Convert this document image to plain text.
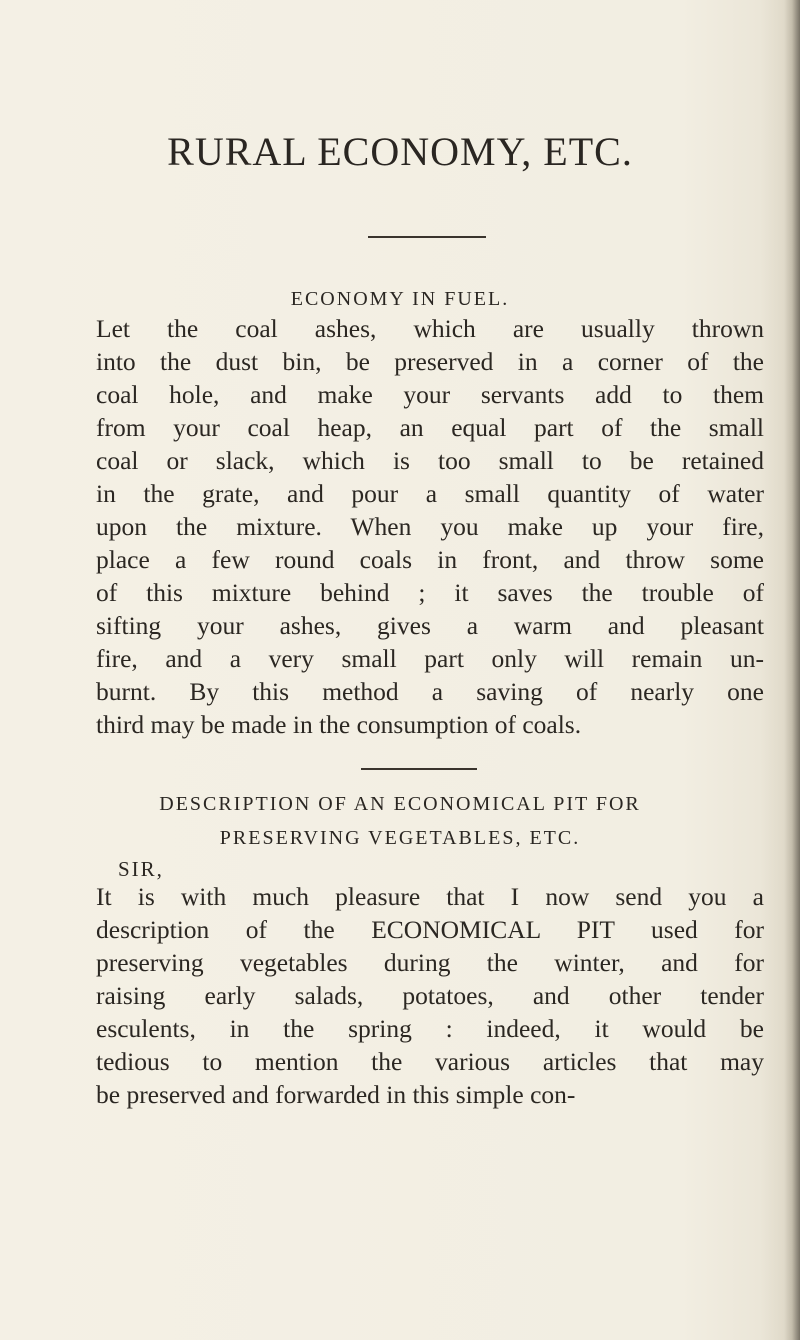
RURAL ECONOMY, ETC.
ECONOMY IN FUEL.
Let the coal ashes, which are usually thrown
into the dust bin, be preserved in a corner of the
coal hole, and make your servants add to them
from your coal heap, an equal part of the small
coal or slack, which is too small to be retained
in the grate, and pour a small quantity of water
upon the mixture. When you make up your fire,
place a few round coals in front, and throw some
of this mixture behind ; it saves the trouble of
sifting your ashes, gives a warm and pleasant
fire, and a very small part only will remain un-
burnt. By this method a saving of nearly one
third may be made in the consumption of coals.
DESCRIPTION OF AN ECONOMICAL PIT FOR
PRESERVING VEGETABLES, ETC.
SIR,
It is with much pleasure that I now send you a
description of the ECONOMICAL PIT used for
preserving vegetables during the winter, and for
raising early salads, potatoes, and other tender
esculents, in the spring : indeed, it would be
tedious to mention the various articles that may
be preserved and forwarded in this simple con-
